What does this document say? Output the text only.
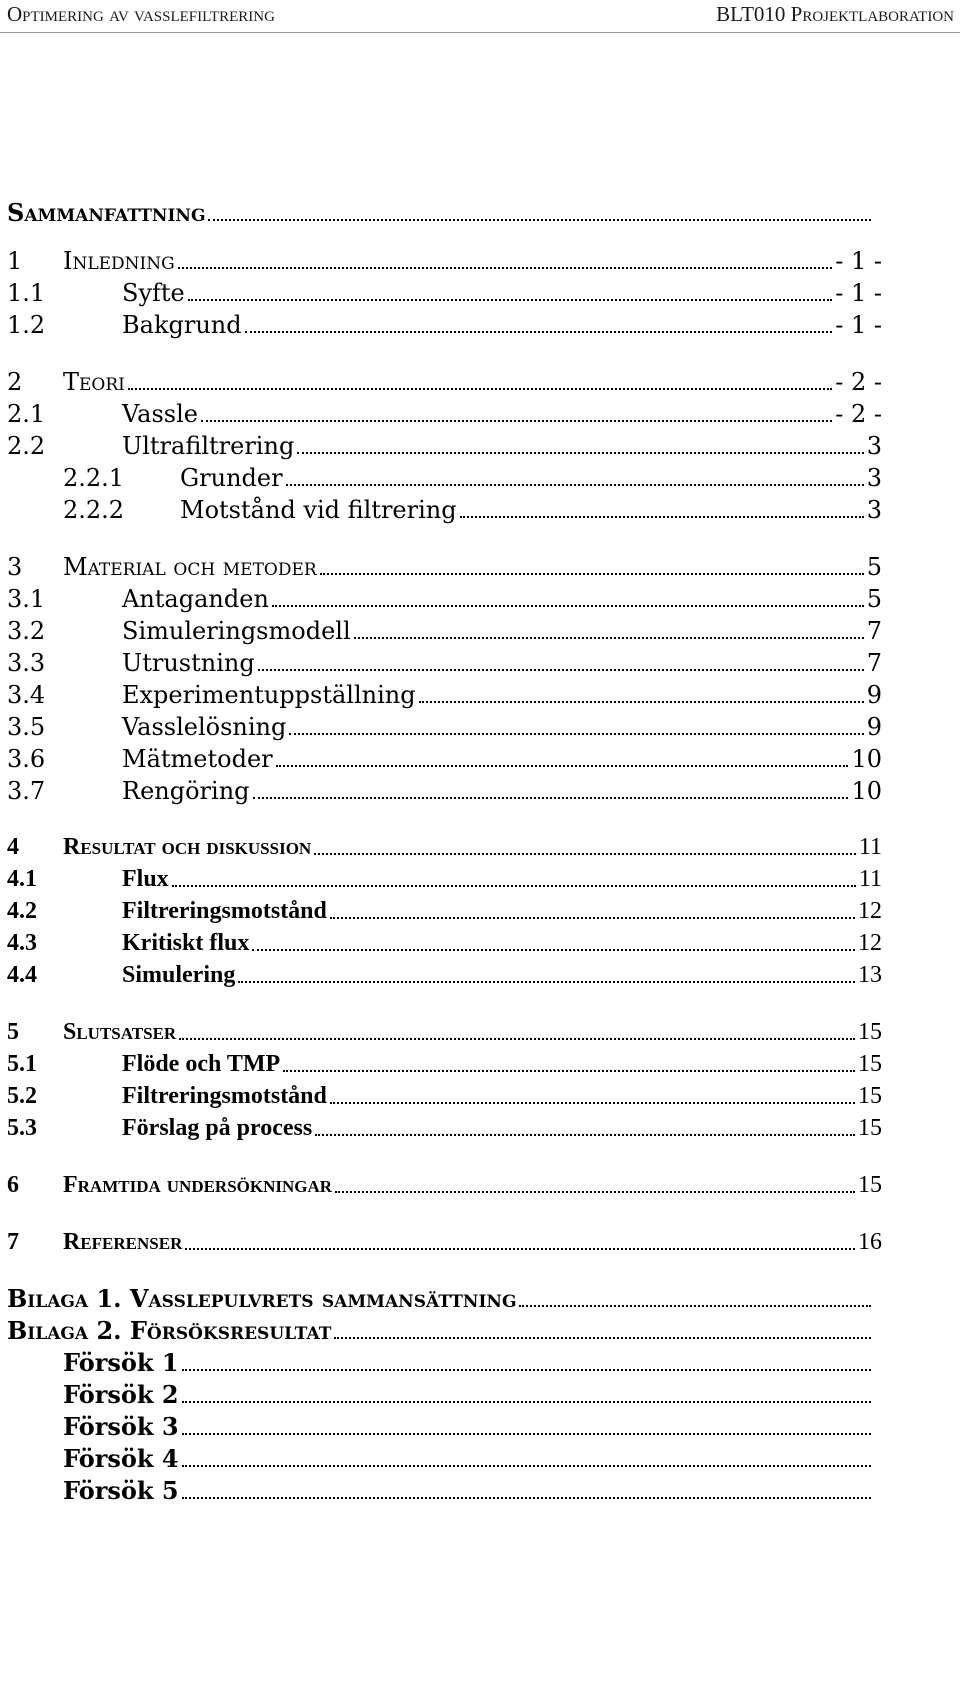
Optimering av vasslefiltrering	BLT010 Projektlaboration
Sammanfattning
1	Inledning	- 1 -
1.1	Syfte	- 1 -
1.2	Bakgrund	- 1 -
2	Teori	- 2 -
2.1	Vassle	- 2 -
2.2	Ultrafiltrering	3
2.2.1	Grunder	3
2.2.2	Motstånd vid filtrering	3
3	Material och metoder	5
3.1	Antaganden	5
3.2	Simuleringsmodell	7
3.3	Utrustning	7
3.4	Experimentuppställning	9
3.5	Vasslelösning	9
3.6	Mätmetoder	10
3.7	Rengöring	10
4	Resultat och diskussion	11
4.1	Flux	11
4.2	Filtreringsmotstånd	12
4.3	Kritiskt flux	12
4.4	Simulering	13
5	Slutsatser	15
5.1	Flöde och TMP	15
5.2	Filtreringsmotstånd	15
5.3	Förslag på process	15
6	Framtida undersökningar	15
7	Referenser	16
Bilaga 1. Vasslepulvrets sammansättning
Bilaga 2. Försöksresultat
Försök 1
Försök 2
Försök 3
Försök 4
Försök 5
